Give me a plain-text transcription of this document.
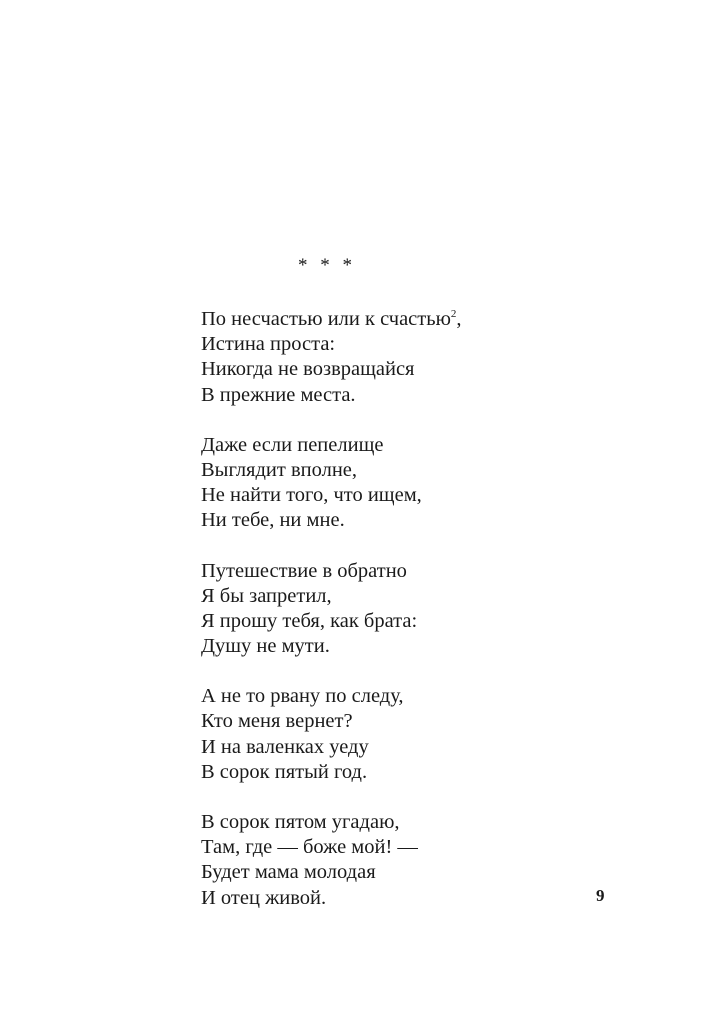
* * *
По несчастью или к счастью$^2$,
Истина проста:
Никогда не возвращайся
В прежние места.
Даже если пепелище
Выглядит вполне,
Не найти того, что ищем,
Ни тебе, ни мне.
Путешествие в обратно
Я бы запретил,
Я прошу тебя, как брата:
Душу не мути.
А не то рвану по следу,
Кто меня вернет?
И на валенках уеду
В сорок пятый год.
В сорок пятом угадаю,
Там, где — боже мой! —
Будет мама молодая
И отец живой.	9
